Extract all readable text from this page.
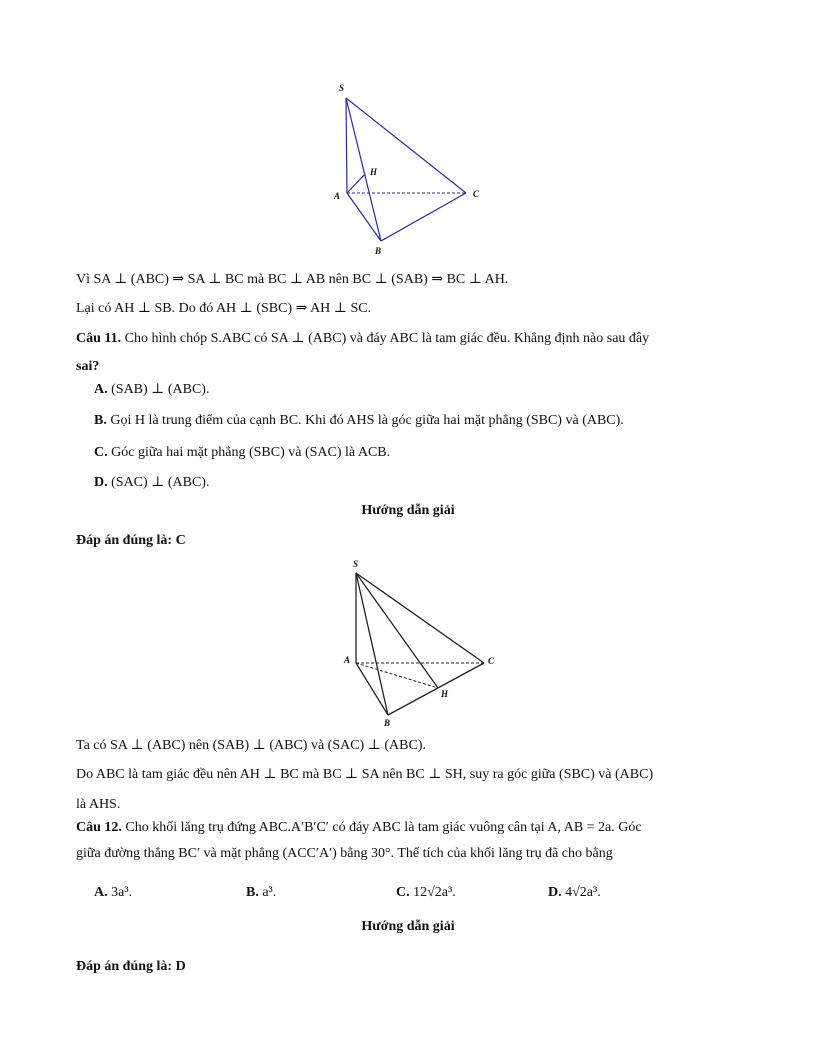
S
H
A	C
B
Vì SA ⊥ (ABC) ⇒ SA ⊥ BC mà BC ⊥ AB nên BC ⊥ (SAB) ⇒ BC ⊥ AH.
Lại có AH ⊥ SB. Do đó AH ⊥ (SBC) ⇒ AH ⊥ SC.
Câu 11. Cho hình chóp S.ABC có SA ⊥ (ABC) và đáy ABC là tam giác đều. Khẳng định nào sau đây
sai?
A. (SAB) ⊥ (ABC).
B. Gọi H là trung điểm của cạnh BC. Khi đó AHS là góc giữa hai mặt phẳng (SBC) và (ABC).
C. Góc giữa hai mặt phẳng (SBC) và (SAC) là ACB.
D. (SAC) ⊥ (ABC).
Hướng dẫn giải
Đáp án đúng là: C
S
A	C
H
B
Ta có SA ⊥ (ABC) nên (SAB) ⊥ (ABC) và (SAC) ⊥ (ABC).
Do ABC là tam giác đều nên AH ⊥ BC mà BC ⊥ SA nên BC ⊥ SH, suy ra góc giữa (SBC) và (ABC)
là AHS.
Câu 12. Cho khối lăng trụ đứng ABC.A′B′C′ có đáy ABC là tam giác vuông cân tại A, AB = 2a. Góc
giữa đường thẳng BC′ và mặt phẳng (ACC′A′) bằng 30°. Thể tích của khối lăng trụ đã cho bằng
A. 3a³.	B. a³.	C. 12√2a³.	D. 4√2a³.
Hướng dẫn giải
Đáp án đúng là: D
